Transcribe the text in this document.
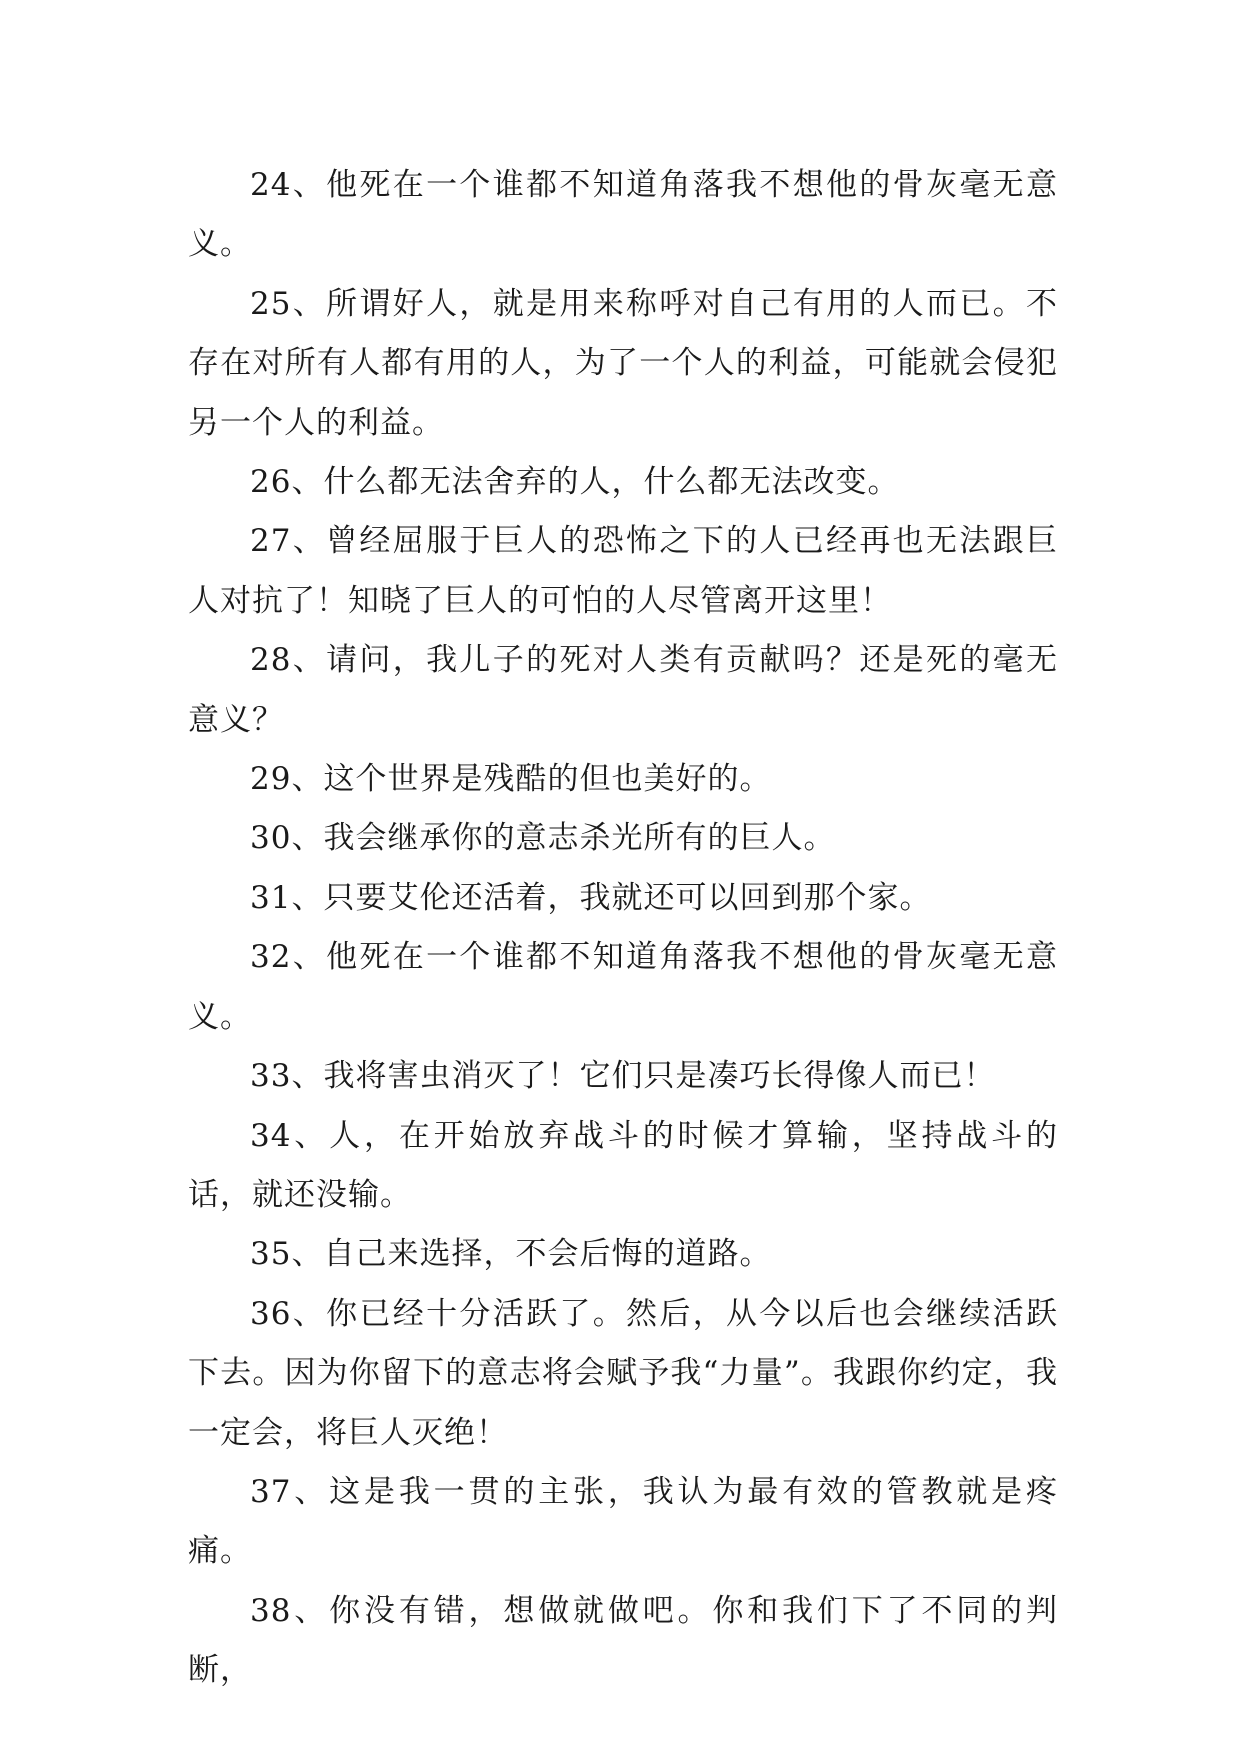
24、他死在一个谁都不知道角落我不想他的骨灰毫无意义。

25、所谓好人，就是用来称呼对自己有用的人而已。不存在对所有人都有用的人，为了一个人的利益，可能就会侵犯另一个人的利益。

26、什么都无法舍弃的人，什么都无法改变。

27、曾经屈服于巨人的恐怖之下的人已经再也无法跟巨人对抗了！知晓了巨人的可怕的人尽管离开这里！

28、请问，我儿子的死对人类有贡献吗？还是死的毫无意义？

29、这个世界是残酷的但也美好的。

30、我会继承你的意志杀光所有的巨人。

31、只要艾伦还活着，我就还可以回到那个家。

32、他死在一个谁都不知道角落我不想他的骨灰毫无意义。

33、我将害虫消灭了！它们只是凑巧长得像人而已！

34、人，在开始放弃战斗的时候才算输，坚持战斗的话，就还没输。

35、自己来选择，不会后悔的道路。

36、你已经十分活跃了。然后，从今以后也会继续活跃下去。因为你留下的意志将会赋予我“力量”。我跟你约定，我一定会，将巨人灭绝！

37、这是我一贯的主张，我认为最有效的管教就是疼痛。

38、你没有错，想做就做吧。你和我们下了不同的判断，
